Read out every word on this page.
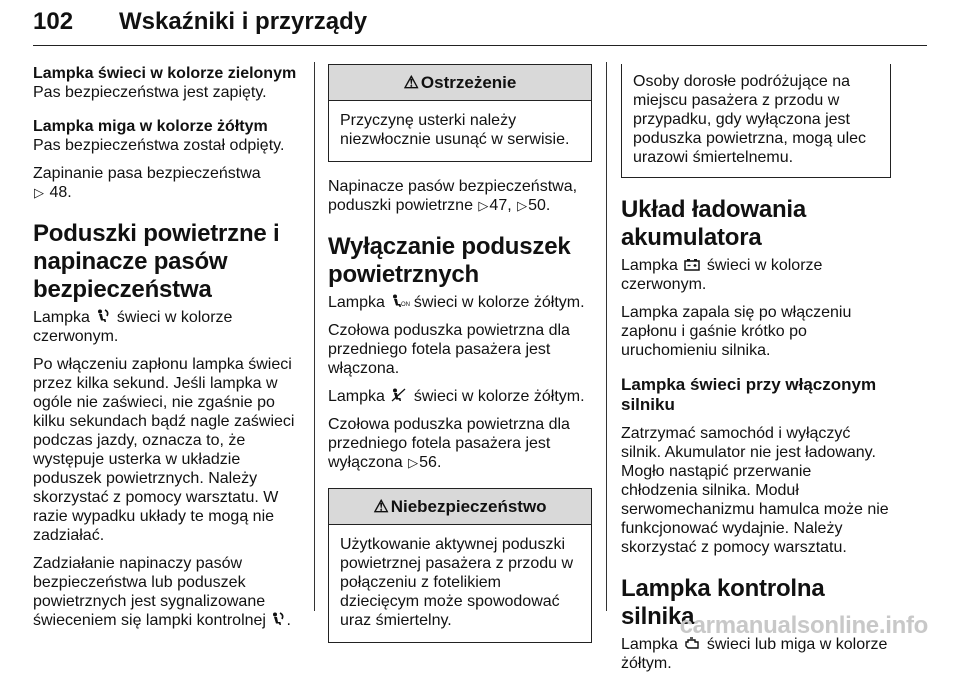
102 Wskaźniki i przyrządy
Lampka świeci w kolorze zielonym
Pas bezpieczeństwa jest zapięty.
Lampka miga w kolorze żółtym
Pas bezpieczeństwa został odpięty.
Zapinanie pasa bezpieczeństwa
▷ 48.
Poduszki powietrzne i napinacze pasów bezpieczeństwa
Lampka świeci w kolorze czerwonym.
Po włączeniu zapłonu lampka świeci przez kilka sekund. Jeśli lampka w ogóle nie zaświeci, nie zgaśnie po kilku sekundach bądź nagle zaświeci podczas jazdy, oznacza to, że występuje usterka w układzie poduszek powietrznych. Należy skorzystać z pomocy warsztatu. W razie wypadku układy te mogą nie zadziałać.
Zadziałanie napinaczy pasów bezpieczeństwa lub poduszek powietrznych jest sygnalizowane świeceniem się lampki kontrolnej .
⚠ Ostrzeżenie
Przyczynę usterki należy niezwłocznie usunąć w serwisie.
Napinacze pasów bezpieczeństwa, poduszki powietrzne ▷47, ▷50.
Wyłączanie poduszek powietrznych
Lampka	ON świeci w kolorze żółtym.
Czołowa poduszka powietrzna dla przedniego fotela pasażera jest włączona.
Lampka świeci w kolorze żółtym.
Czołowa poduszka powietrzna dla przedniego fotela pasażera jest wyłączona ▷56.
⚠ Niebezpieczeństwo
Użytkowanie aktywnej poduszki powietrznej pasażera z przodu w połączeniu z fotelikiem dziecięcym może spowodować uraz śmiertelny.
Osoby dorosłe podróżujące na miejscu pasażera z przodu w przypadku, gdy wyłączona jest poduszka powietrzna, mogą ulec urazowi śmiertelnemu.
Układ ładowania akumulatora
Lampka świeci w kolorze czerwonym.
Lampka zapala się po włączeniu zapłonu i gaśnie krótko po uruchomieniu silnika.
Lampka świeci przy włączonym silniku
Zatrzymać samochód i wyłączyć silnik. Akumulator nie jest ładowany. Mogło nastąpić przerwanie chłodzenia silnika. Moduł serwomechanizmu hamulca może nie funkcjonować wydajnie. Należy skorzystać z pomocy warsztatu.
Lampka kontrolna silnika
Lampka świeci lub miga w kolorze żółtym.
carmanualsonline.info
